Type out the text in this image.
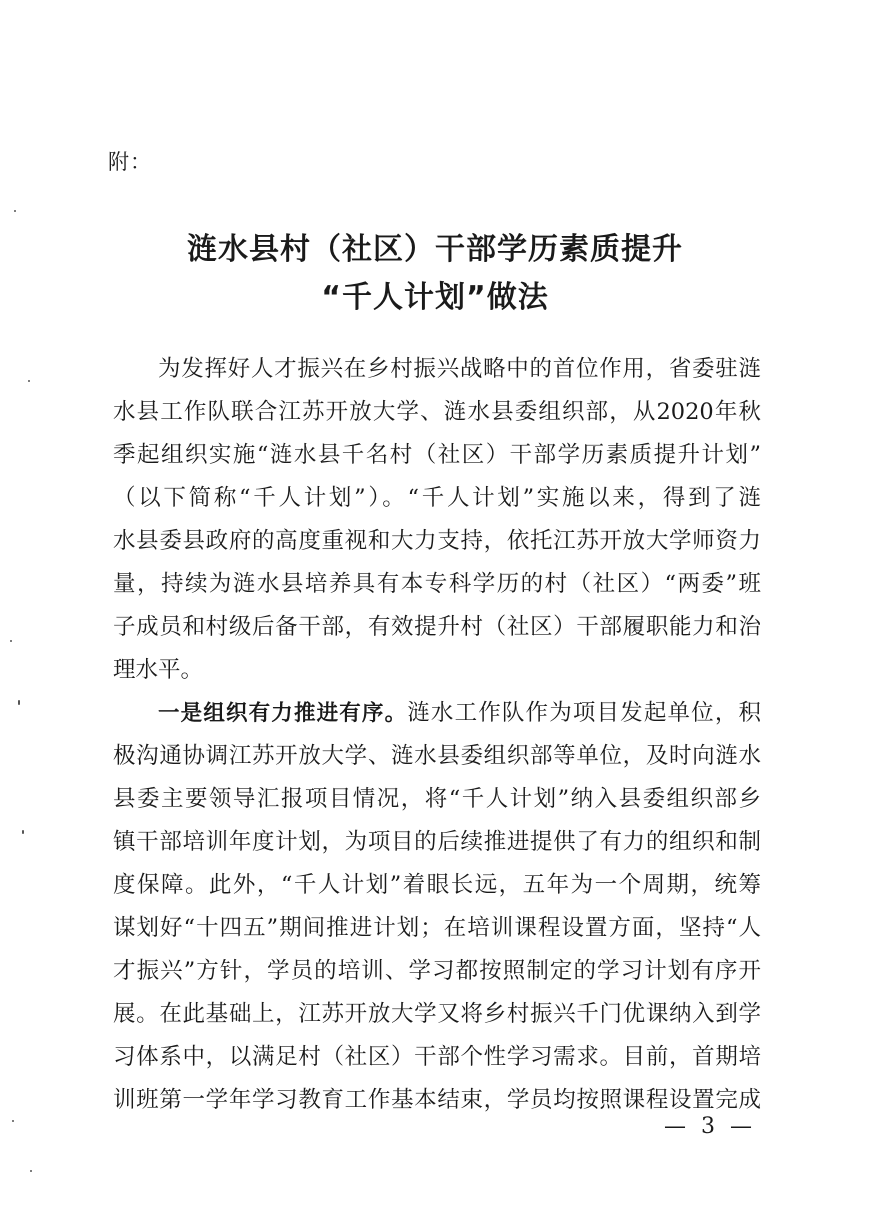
附：
涟水县村（社区）干部学历素质提升
“千人计划”做法
为发挥好人才振兴在乡村振兴战略中的首位作用，省委驻涟
水县工作队联合江苏开放大学、涟水县委组织部，从2020年秋
季起组织实施“涟水县千名村（社区）干部学历素质提升计划”
（以下简称“千人计划”）。“千人计划”实施以来，得到了涟
水县委县政府的高度重视和大力支持，依托江苏开放大学师资力
量，持续为涟水县培养具有本专科学历的村（社区）“两委”班
子成员和村级后备干部，有效提升村（社区）干部履职能力和治
理水平。
一是组织有力推进有序。涟水工作队作为项目发起单位，积
极沟通协调江苏开放大学、涟水县委组织部等单位，及时向涟水
县委主要领导汇报项目情况，将“千人计划”纳入县委组织部乡
镇干部培训年度计划，为项目的后续推进提供了有力的组织和制
度保障。此外，“千人计划”着眼长远，五年为一个周期，统筹
谋划好“十四五”期间推进计划；在培训课程设置方面，坚持“人
才振兴”方针，学员的培训、学习都按照制定的学习计划有序开
展。在此基础上，江苏开放大学又将乡村振兴千门优课纳入到学
习体系中，以满足村（社区）干部个性学习需求。目前，首期培
训班第一学年学习教育工作基本结束，学员均按照课程设置完成
— 3 —
